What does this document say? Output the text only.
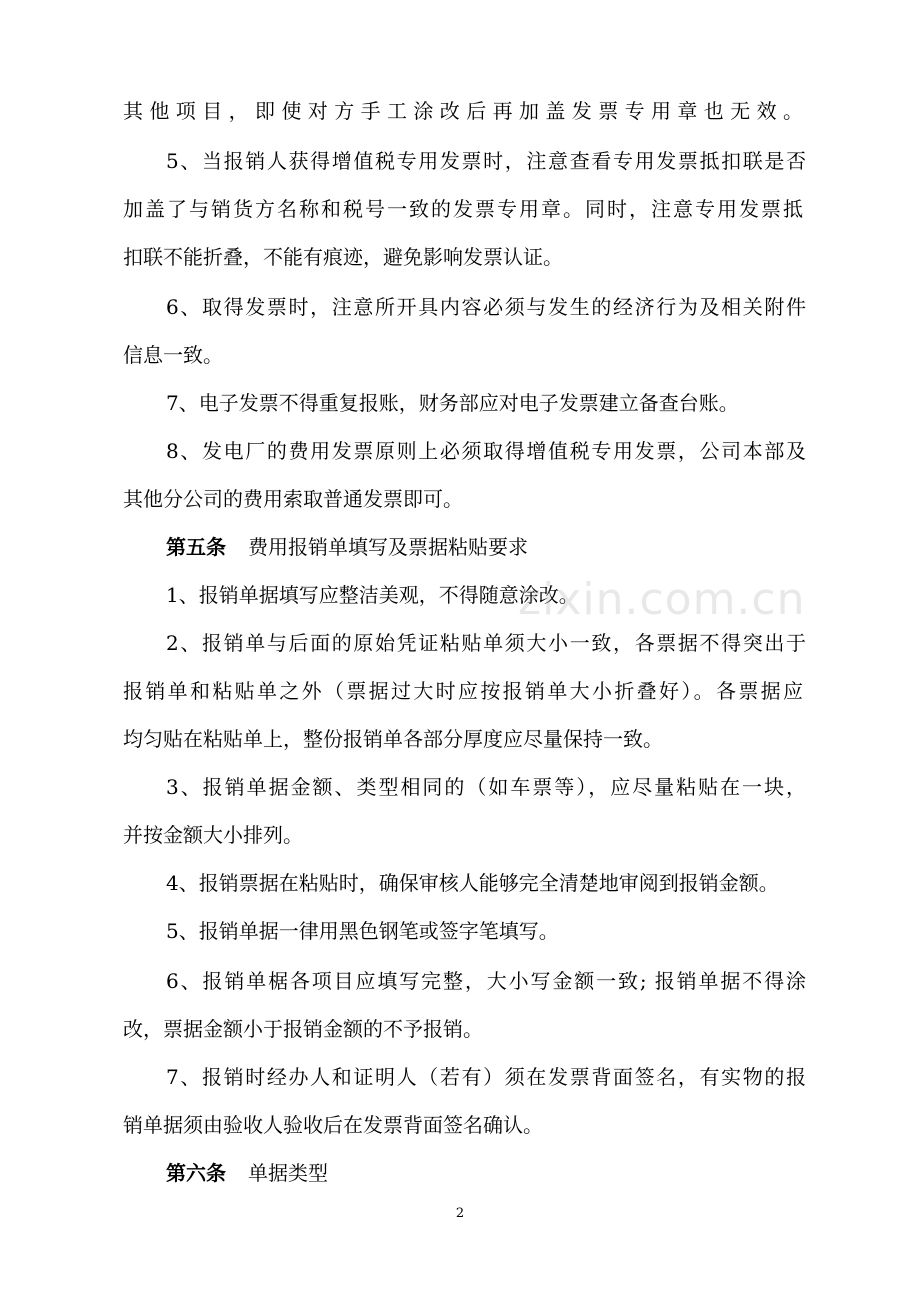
其他项目，即使对方手工涂改后再加盖发票专用章也无效。
5、当报销人获得增值税专用发票时，注意查看专用发票抵扣联是否
加盖了与销货方名称和税号一致的发票专用章。同时，注意专用发票抵
扣联不能折叠，不能有痕迹，避免影响发票认证。
6、取得发票时，注意所开具内容必须与发生的经济行为及相关附件
信息一致。
7、电子发票不得重复报账，财务部应对电子发票建立备查台账。
8、发电厂的费用发票原则上必须取得增值税专用发票，公司本部及
其他分公司的费用索取普通发票即可。
第五条 费用报销单填写及票据粘贴要求
1、报销单据填写应整洁美观，不得随意涂改。
2、报销单与后面的原始凭证粘贴单须大小一致，各票据不得突出于
报销单和粘贴单之外（票据过大时应按报销单大小折叠好）。各票据应
均匀贴在粘贴单上，整份报销单各部分厚度应尽量保持一致。
3、报销单据金额、类型相同的（如车票等），应尽量粘贴在一块，
并按金额大小排列。
4、报销票据在粘贴时，确保审核人能够完全清楚地审阅到报销金额。
5、报销单据一律用黑色钢笔或签字笔填写。
6、报销单椐各项目应填写完整，大小写金额一致; 报销单据不得涂
改，票据金额小于报销金额的不予报销。
7、报销时经办人和证明人（若有）须在发票背面签名，有实物的报
销单据须由验收人验收后在发票背面签名确认。
第六条 单据类型
zixin.com.cn
2
